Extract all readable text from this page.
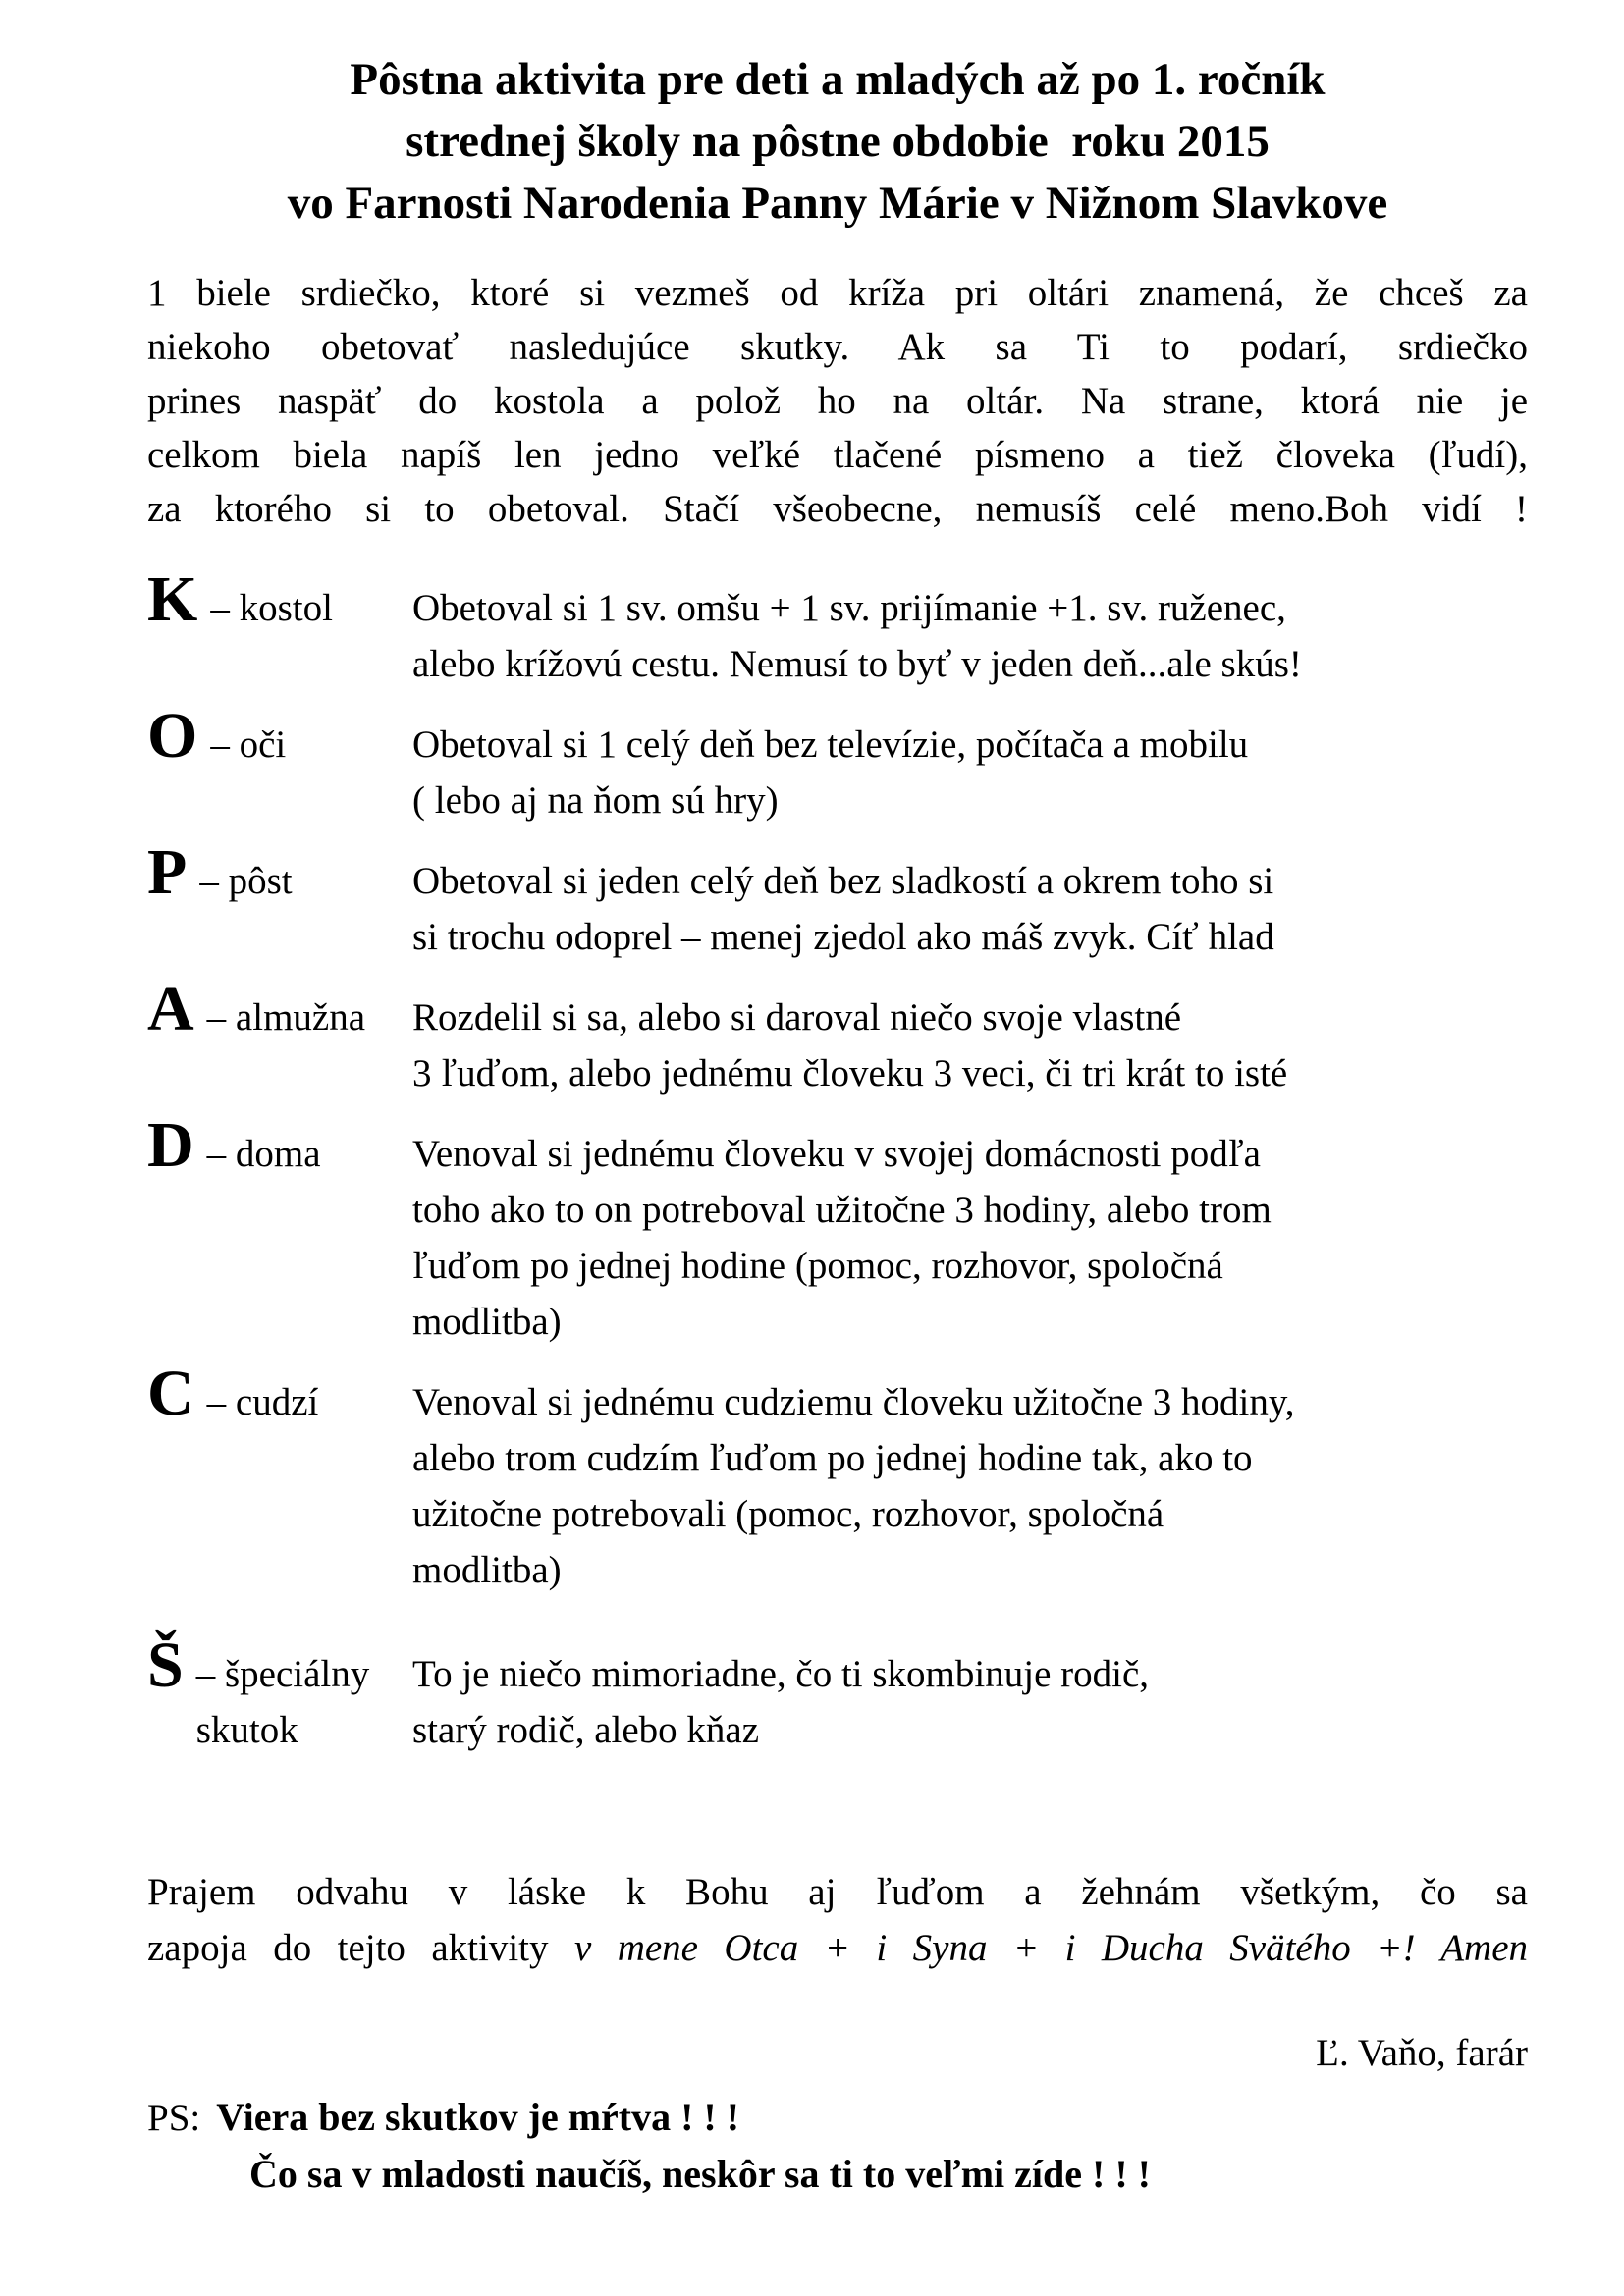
Pôstna aktivita pre deti a mladých až po 1. ročník
strednej školy na pôstne obdobie  roku 2015
vo Farnosti Narodenia Panny Márie v Nižnom Slavkove
1 biele srdiečko, ktoré si vezmeš od kríža pri oltári znamená, že chceš za
niekoho obetovať nasledujúce skutky. Ak sa Ti to podarí, srdiečko
prines naspäť do kostola a polož ho na oltár. Na strane, ktorá nie je
celkom biela napíš len jedno veľké tlačené písmeno a tiež človeka (ľudí),
za ktorého si to obetoval. Stačí všeobecne, nemusíš celé meno.Boh vidí !
K – kostol Obetoval si 1 sv. omšu + 1 sv. prijímanie +1. sv. ruženec,
alebo krížovú cestu. Nemusí to byť v jeden deň...ale skús!
O – oči	Obetoval si 1 celý deň bez televízie, počítača a mobilu
( lebo aj na ňom sú hry)
P – pôst	Obetoval si jeden celý deň bez sladkostí a okrem toho si
si trochu odoprel – menej zjedol ako máš zvyk. Cíť hlad
A – almužna Rozdelil si sa, alebo si daroval niečo svoje vlastné
3 ľuďom, alebo jednému človeku 3 veci, či tri krát to isté
D – doma Venoval si jednému človeku v svojej domácnosti podľa
toho ako to on potreboval užitočne 3 hodiny, alebo trom
ľuďom po jednej hodine (pomoc, rozhovor, spoločná
modlitba)
C – cudzí Venoval si jednému cudziemu človeku užitočne 3 hodiny,
alebo trom cudzím ľuďom po jednej hodine tak, ako to
užitočne potrebovali (pomoc, rozhovor, spoločná
modlitba)
Š – špeciálny skutok
To je niečo mimoriadne, čo ti skombinuje rodič,
starý rodič, alebo kňaz
Prajem odvahu v láske k Bohu aj ľuďom a žehnám všetkým, čo sa
zapoja do tejto aktivity v mene Otca + i Syna + i Ducha Svätého +! Amen
Ľ. Vaňo, farár
PS: Viera bez skutkov je mŕtva ! ! !
Čo sa v mladosti naučíš, neskôr sa ti to veľmi zíde ! ! !
